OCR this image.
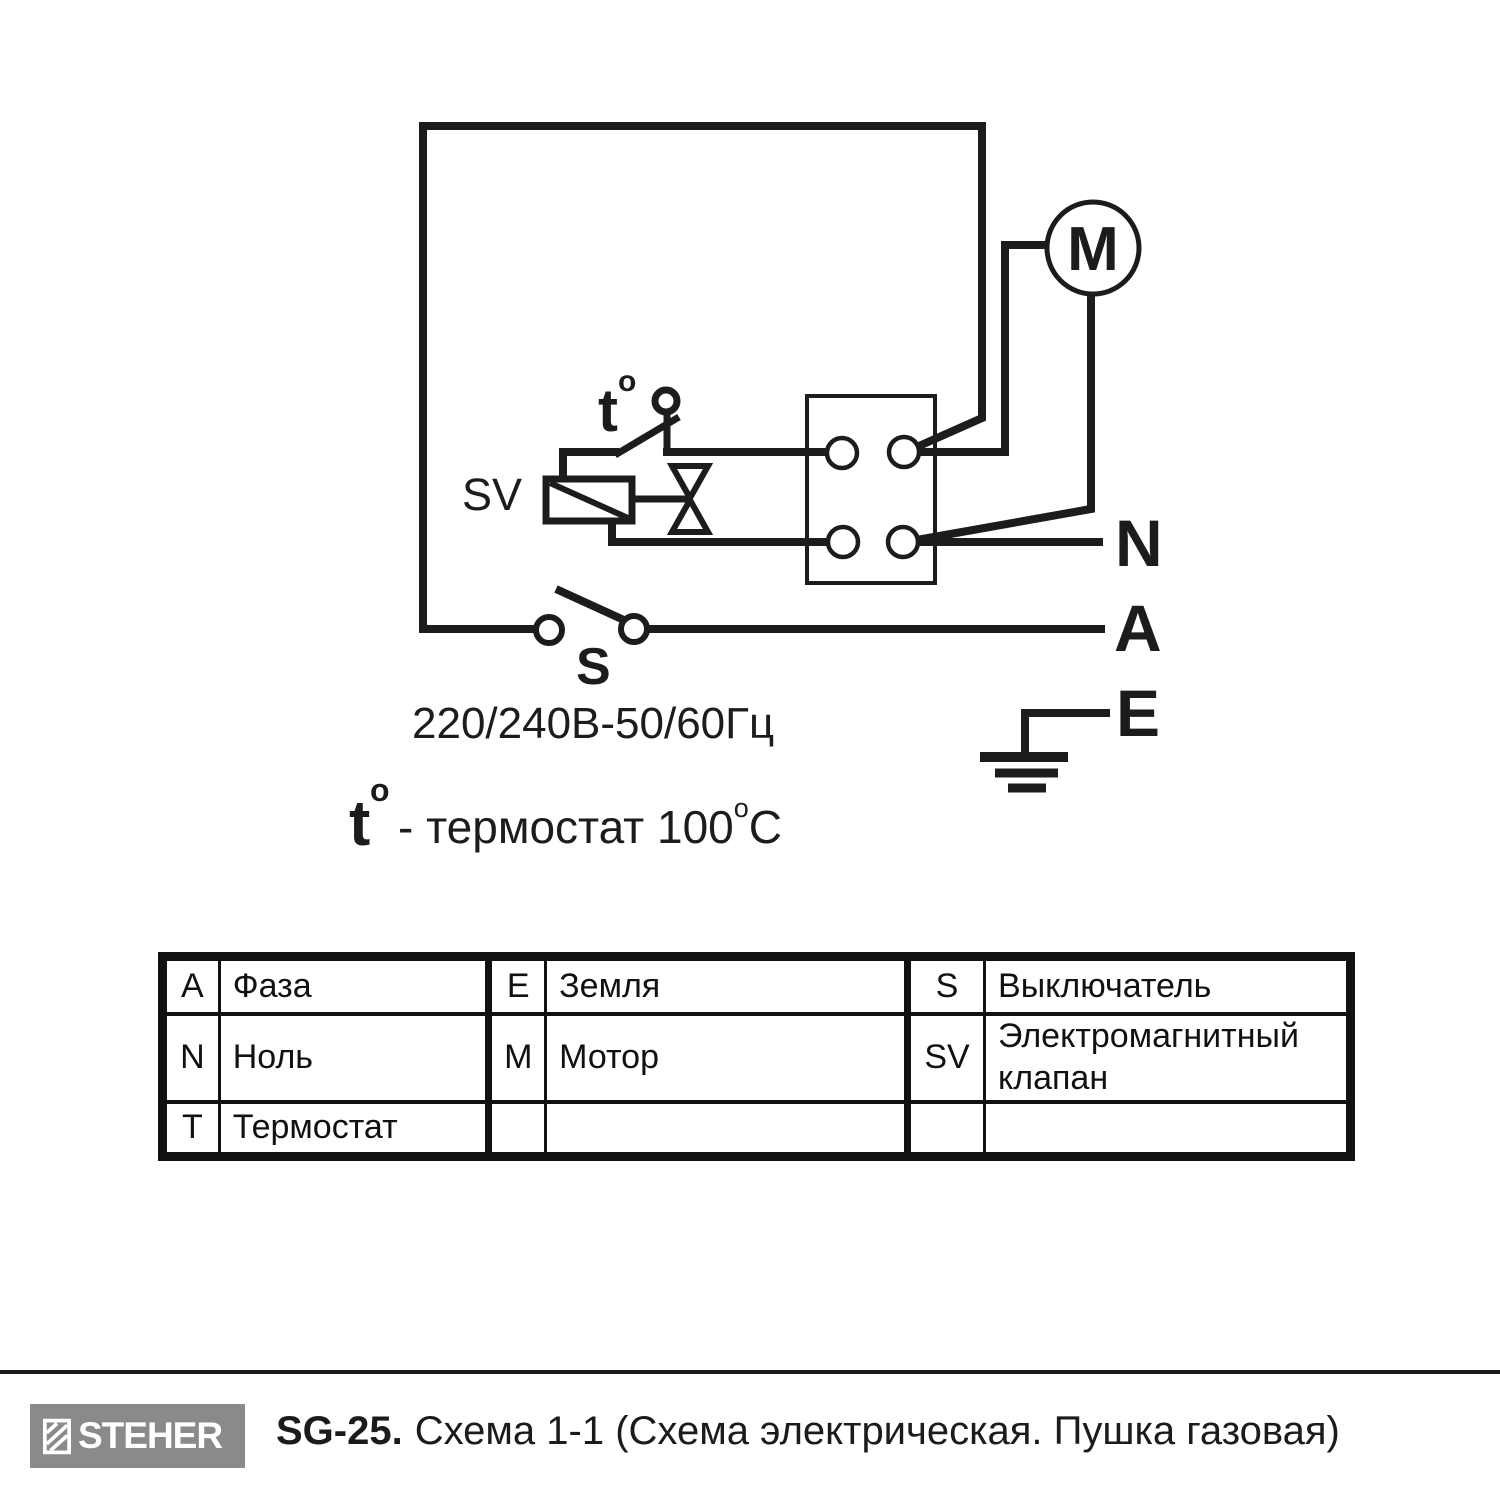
M
t o
SV
S
N
A
E
220/240В-50/60Гц
t o
- термостат $100^оС$
A	Фаза	E	Земля	S	Выключатель
N	Ноль	M	Мотор	SV	Электромагнитный клапан
T	Термостат				
STEHER SG-25. Схема 1-1 (Схема электрическая. Пушка газовая)
